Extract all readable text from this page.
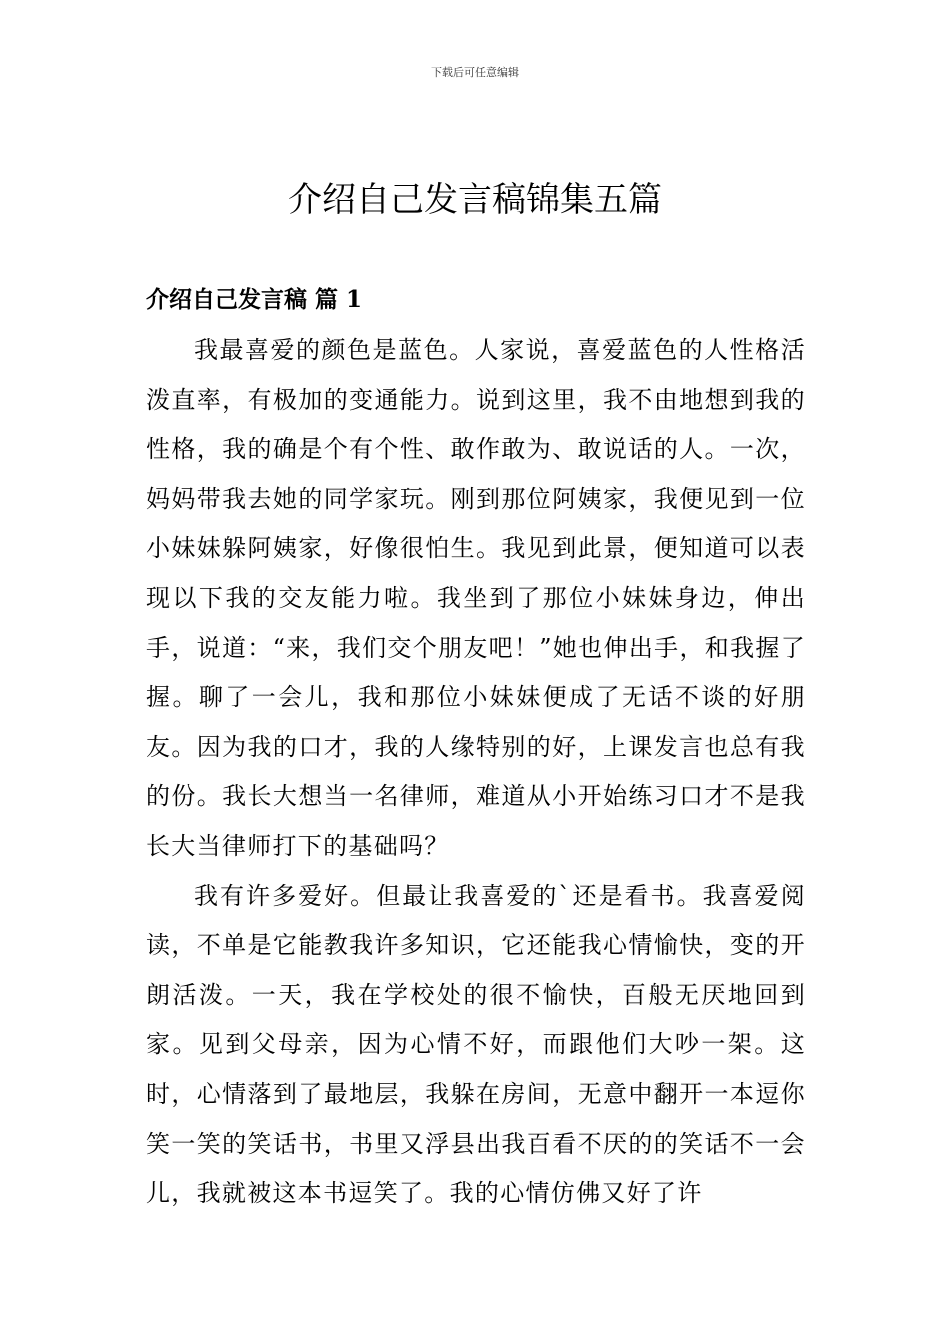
下载后可任意编辑
介绍自己发言稿锦集五篇
介绍自己发言稿 篇 1

我最喜爱的颜色是蓝色。人家说，喜爱蓝色的人性格活泼直率，有极加的变通能力。说到这里，我不由地想到我的性格，我的确是个有个性、敢作敢为、敢说话的人。一次，妈妈带我去她的同学家玩。刚到那位阿姨家，我便见到一位小妹妹躲阿姨家，好像很怕生。我见到此景，便知道可以表现以下我的交友能力啦。我坐到了那位小妹妹身边，伸出手，说道：“来，我们交个朋友吧！”她也伸出手，和我握了握。聊了一会儿，我和那位小妹妹便成了无话不谈的好朋友。因为我的口才，我的人缘特别的好，上课发言也总有我的份。我长大想当一名律师，难道从小开始练习口才不是我长大当律师打下的基础吗？

我有许多爱好。但最让我喜爱的`还是看书。我喜爱阅读，不单是它能教我许多知识，它还能我心情愉快，变的开朗活泼。一天，我在学校处的很不愉快，百般无厌地回到家。见到父母亲，因为心情不好，而跟他们大吵一架。这时，心情落到了最地层，我躲在房间，无意中翻开一本逗你笑一笑的笑话书，书里又浮县出我百看不厌的的笑话不一会儿，我就被这本书逗笑了。我的心情仿佛又好了许
